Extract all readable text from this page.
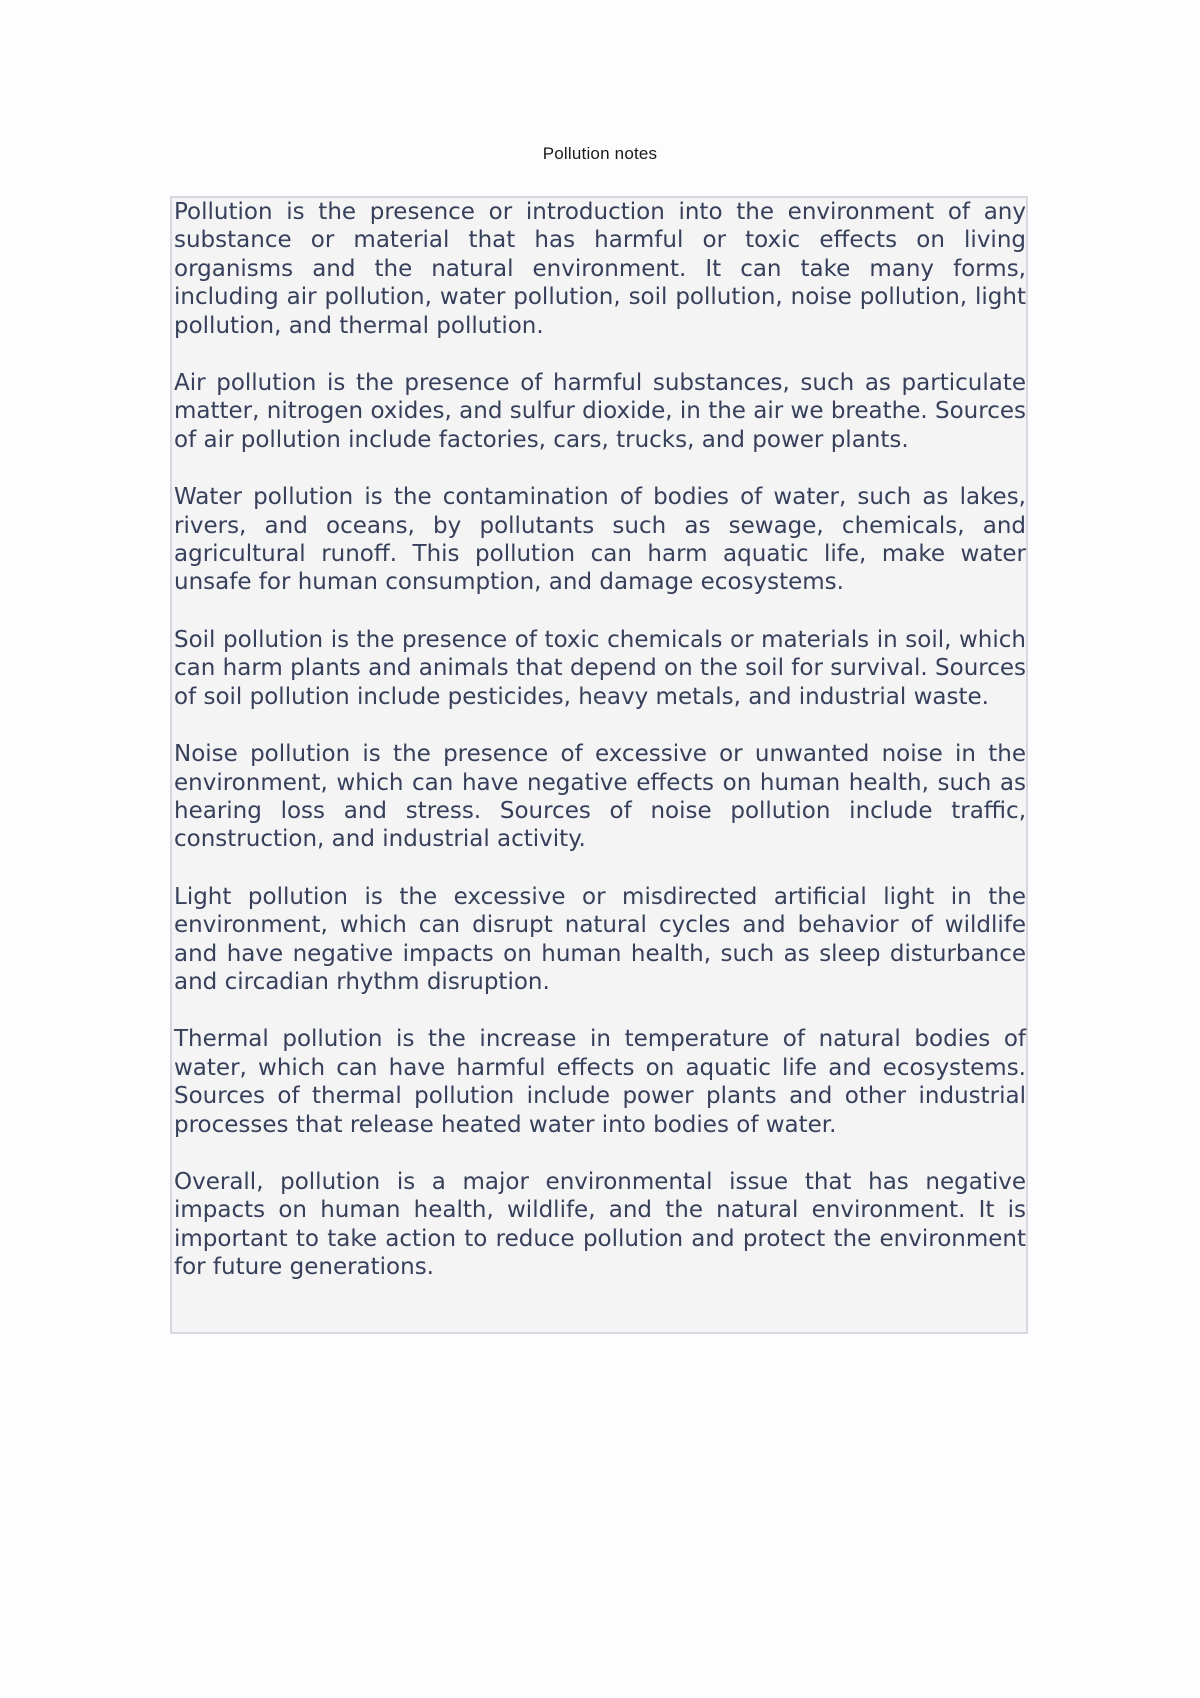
Pollution notes

Pollution is the presence or introduction into the environment of any substance or material that has harmful or toxic effects on living organisms and the natural environment. It can take many forms, including air pollution, water pollution, soil pollution, noise pollution, light pollution, and thermal pollution.

Air pollution is the presence of harmful substances, such as particulate matter, nitrogen oxides, and sulfur dioxide, in the air we breathe. Sources of air pollution include factories, cars, trucks, and power plants.

Water pollution is the contamination of bodies of water, such as lakes, rivers, and oceans, by pollutants such as sewage, chemicals, and agricultural runoff. This pollution can harm aquatic life, make water unsafe for human consumption, and damage ecosystems.

Soil pollution is the presence of toxic chemicals or materials in soil, which can harm plants and animals that depend on the soil for survival. Sources of soil pollution include pesticides, heavy metals, and industrial waste.

Noise pollution is the presence of excessive or unwanted noise in the environment, which can have negative effects on human health, such as hearing loss and stress. Sources of noise pollution include traffic, construction, and industrial activity.

Light pollution is the excessive or misdirected artificial light in the environment, which can disrupt natural cycles and behavior of wildlife and have negative impacts on human health, such as sleep disturbance and circadian rhythm disruption.

Thermal pollution is the increase in temperature of natural bodies of water, which can have harmful effects on aquatic life and ecosystems. Sources of thermal pollution include power plants and other industrial processes that release heated water into bodies of water.

Overall, pollution is a major environmental issue that has negative impacts on human health, wildlife, and the natural environment. It is important to take action to reduce pollution and protect the environment for future generations.
